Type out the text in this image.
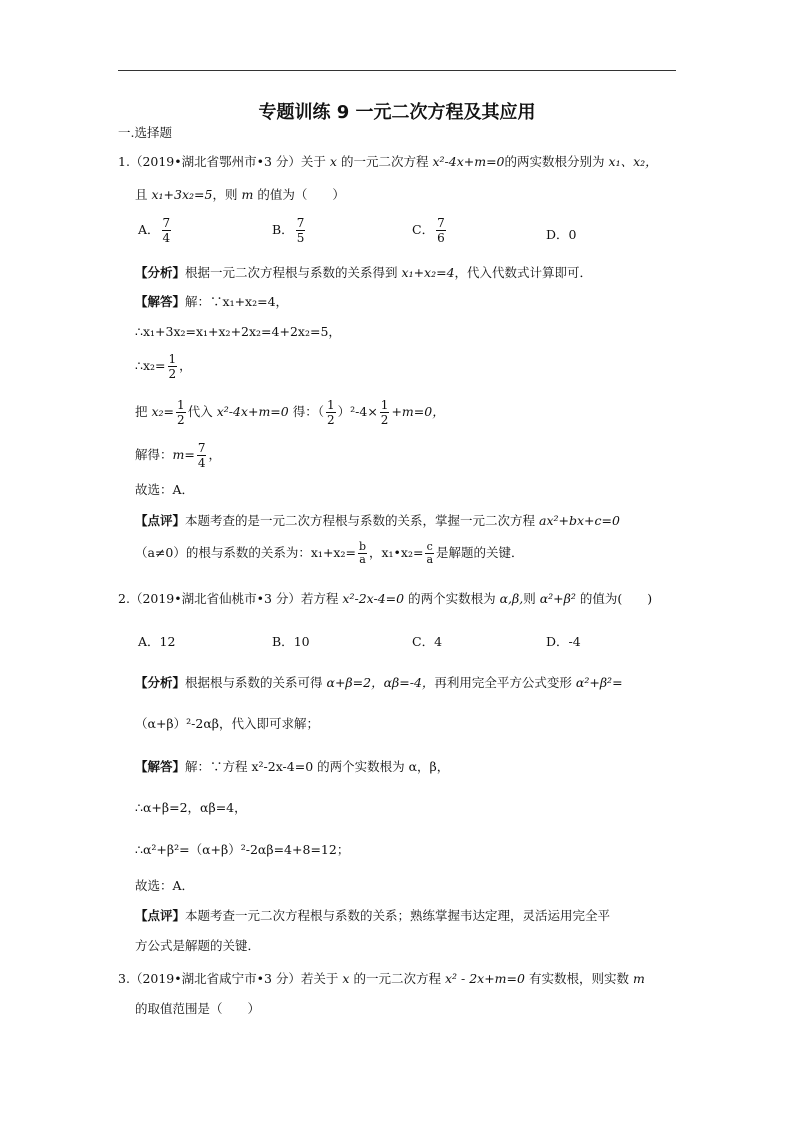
专题训练 9 一元二次方程及其应用
一.选择题
1.（2019•湖北省鄂州市•3 分）关于 x 的一元二次方程 x²-4x+m=0的两实数根分别为 x₁、x₂，
且 x₁+3x₂=5，则 m 的值为（　　）
A． $\frac{7}{4}$	B． $\frac{7}{5}$	C． $\frac{7}{6}$	D．0
【分析】根据一元二次方程根与系数的关系得到 x₁+x₂=4，代入代数式计算即可．
【解答】解：∵x₁+x₂=4，
∴x₁+3x₂=x₁+x₂+2x₂=4+2x₂=5，
∴x₂= $\frac{1}{2}$ ，
把 $x_2= \frac{1}{2}$ 代入 x²-4x+m=0 得：（ $\frac{1}{2} )^2-4\times \frac{1}{2} +m=0$，
解得：$m= \frac{7}{4}$ ，
故选：A．
【点评】本题考查的是一元二次方程根与系数的关系，掌握一元二次方程 ax²+bx+c=0
（a≠0）的根与系数的关系为：$x_1+x_2= \frac{b}{a}$ ，x₁•x₂= $\frac{c}{a}$ 是解题的关键．
2.（2019•湖北省仙桃市•3 分）若方程 x²-2x-4=0 的两个实数根为 α,β,则 α²+β² 的值为(　　)
A．12	B．10	C．4	D．-4
【分析】根据根与系数的关系可得 α+β=2，αβ=-4，再利用完全平方公式变形 α²+β²=
（α+β）²-2αβ，代入即可求解；
【解答】解：∵方程 x²-2x-4=0 的两个实数根为 α，β，
∴α+β=2，αβ=4，
∴α²+β²=（α+β）²-2αβ=4+8=12；
故选：A．
【点评】本题考查一元二次方程根与系数的关系；熟练掌握韦达定理，灵活运用完全平
方公式是解题的关键．
3.（2019•湖北省咸宁市•3 分）若关于 x 的一元二次方程 x² - 2x+m=0 有实数根，则实数 m
的取值范围是（　　）
